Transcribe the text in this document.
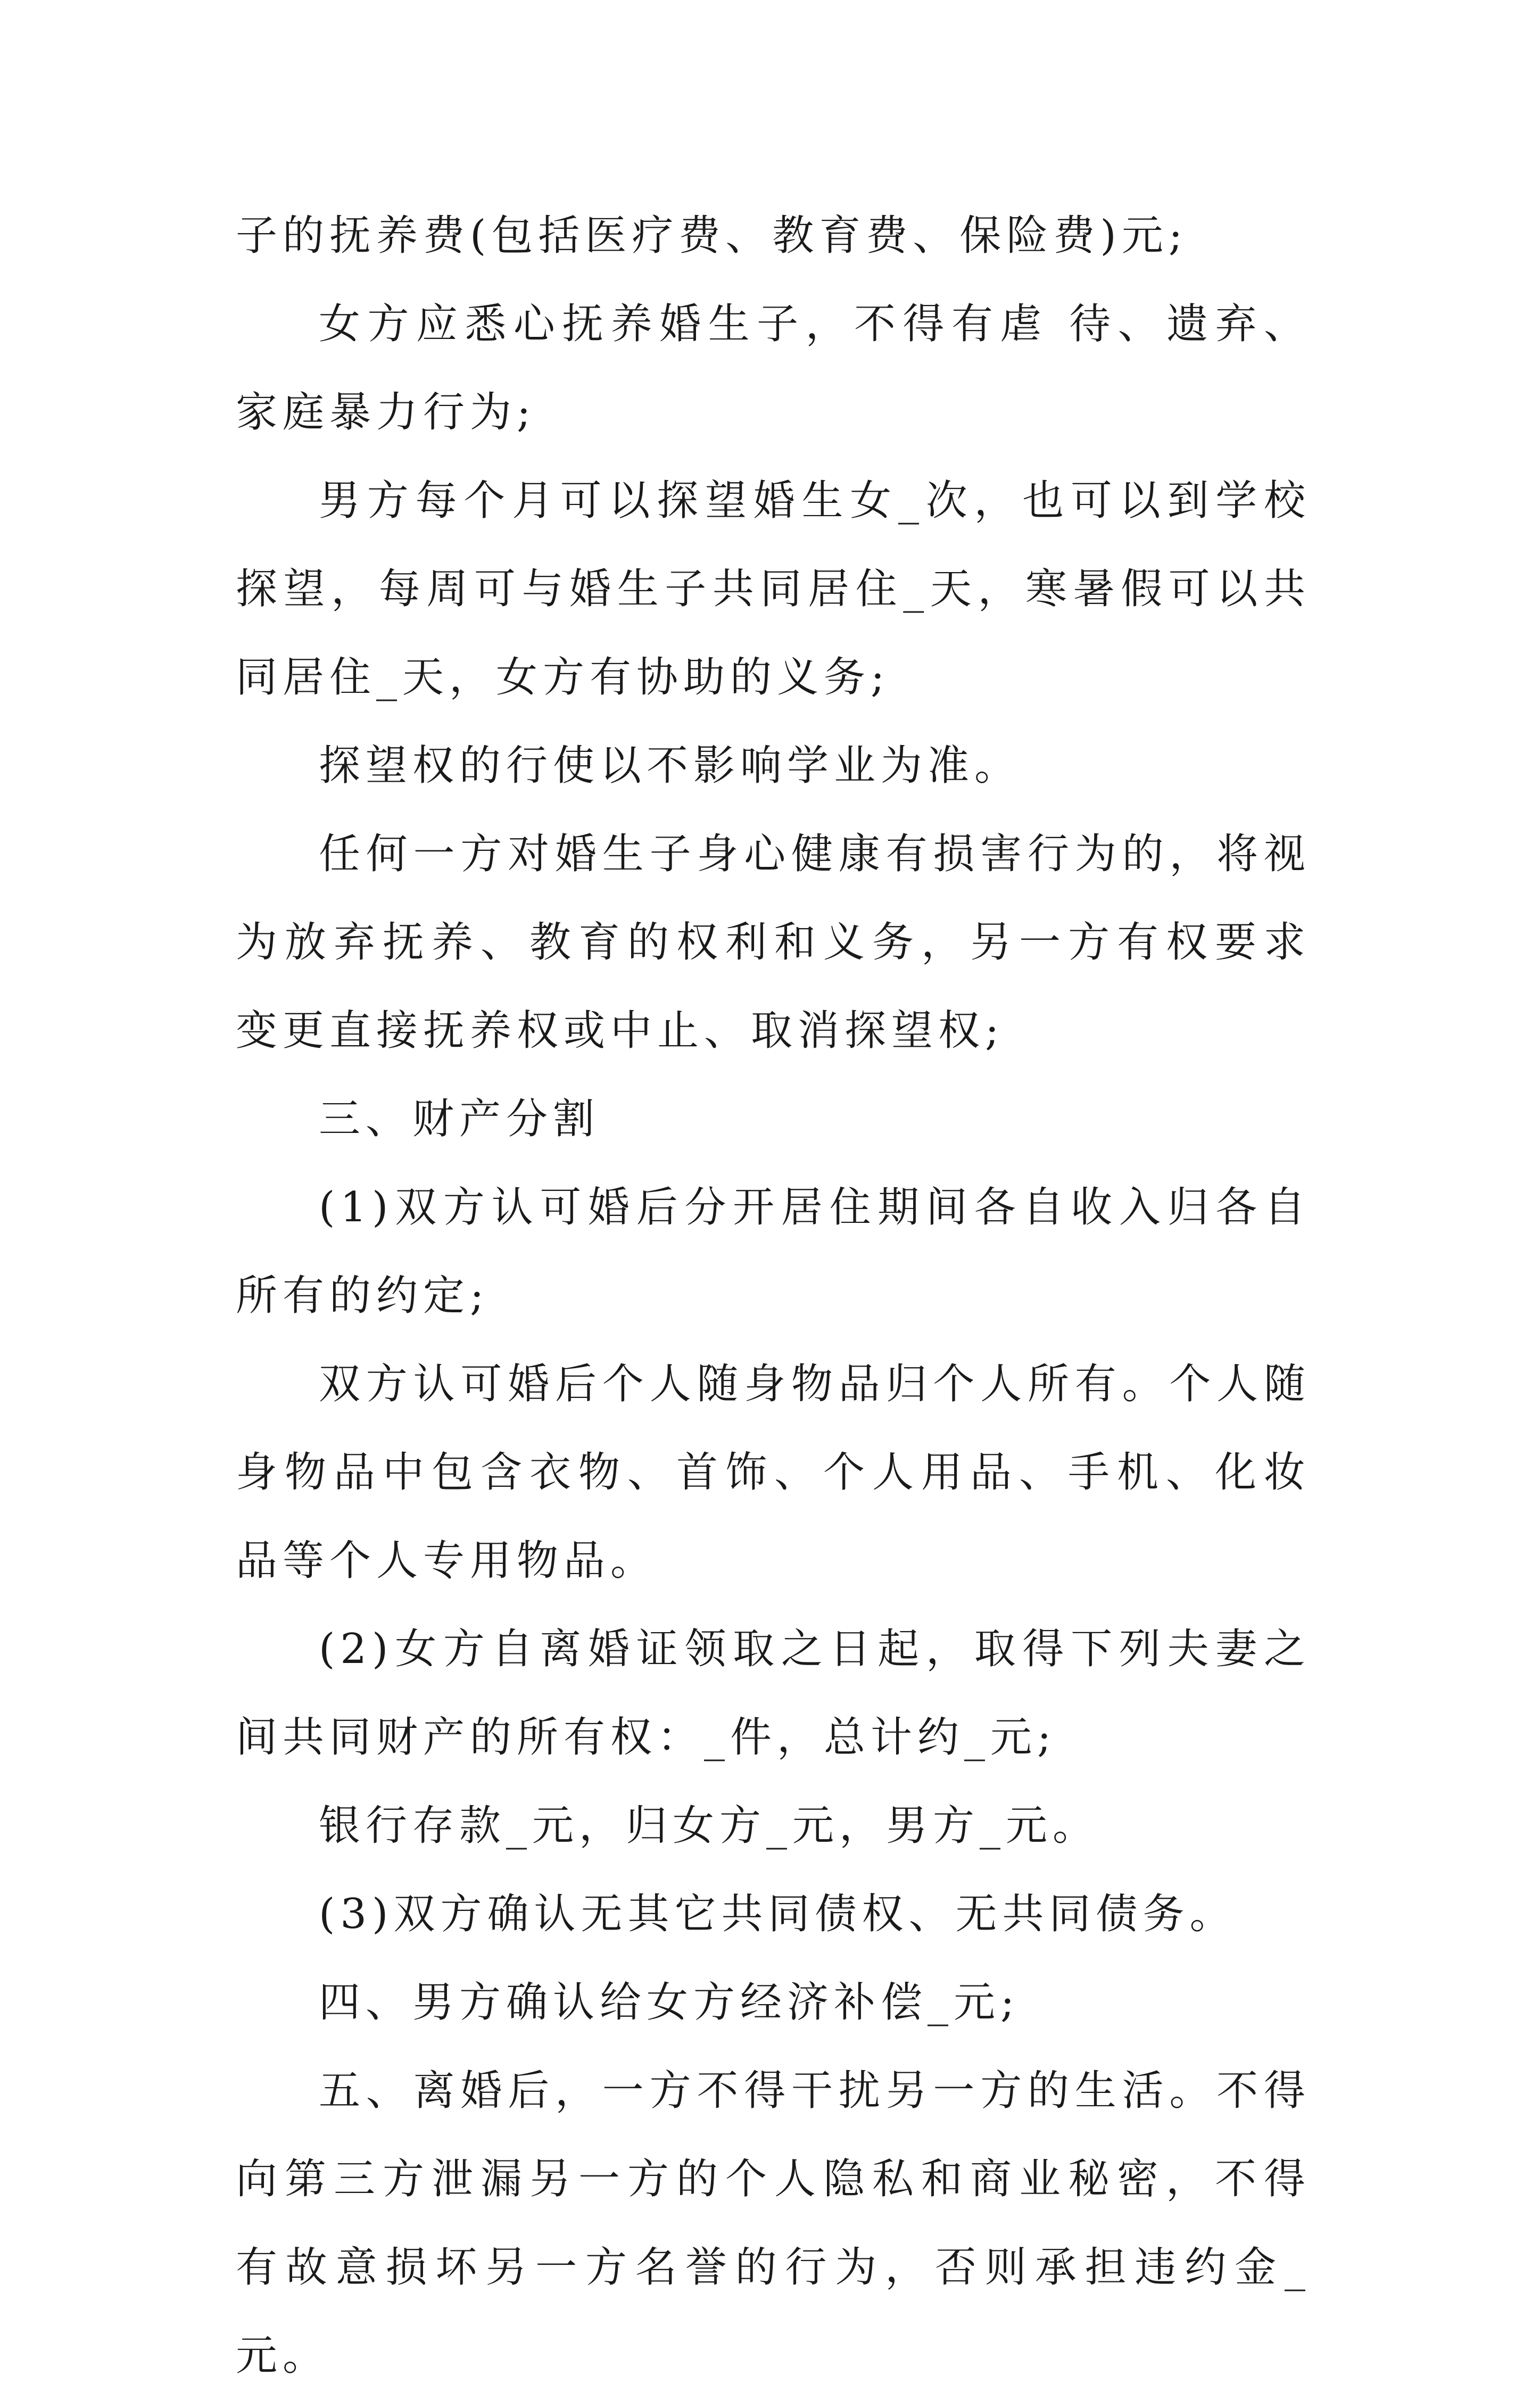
子的抚养费(包括医疗费、教育费、保险费)元;

女方应悉心抚养婚生子，不得有虐 待、遗弃、家庭暴力行为;

男方每个月可以探望婚生女_次，也可以到学校探望，每周可与婚生子共同居住_天，寒暑假可以共同居住_天，女方有协助的义务;

探望权的行使以不影响学业为准。

任何一方对婚生子身心健康有损害行为的，将视为放弃抚养、教育的权利和义务，另一方有权要求变更直接抚养权或中止、取消探望权;

三、财产分割

(1)双方认可婚后分开居住期间各自收入归各自所有的约定;

双方认可婚后个人随身物品归个人所有。个人随身物品中包含衣物、首饰、个人用品、手机、化妆品等个人专用物品。

(2)女方自离婚证领取之日起，取得下列夫妻之间共同财产的所有权：_件，总计约_元;

银行存款_元，归女方_元，男方_元。

(3)双方确认无其它共同债权、无共同债务。

四、男方确认给女方经济补偿_元;

五、离婚后，一方不得干扰另一方的生活。不得向第三方泄漏另一方的个人隐私和商业秘密，不得有故意损坏另一方名誉的行为，否则承担违约金_元。
